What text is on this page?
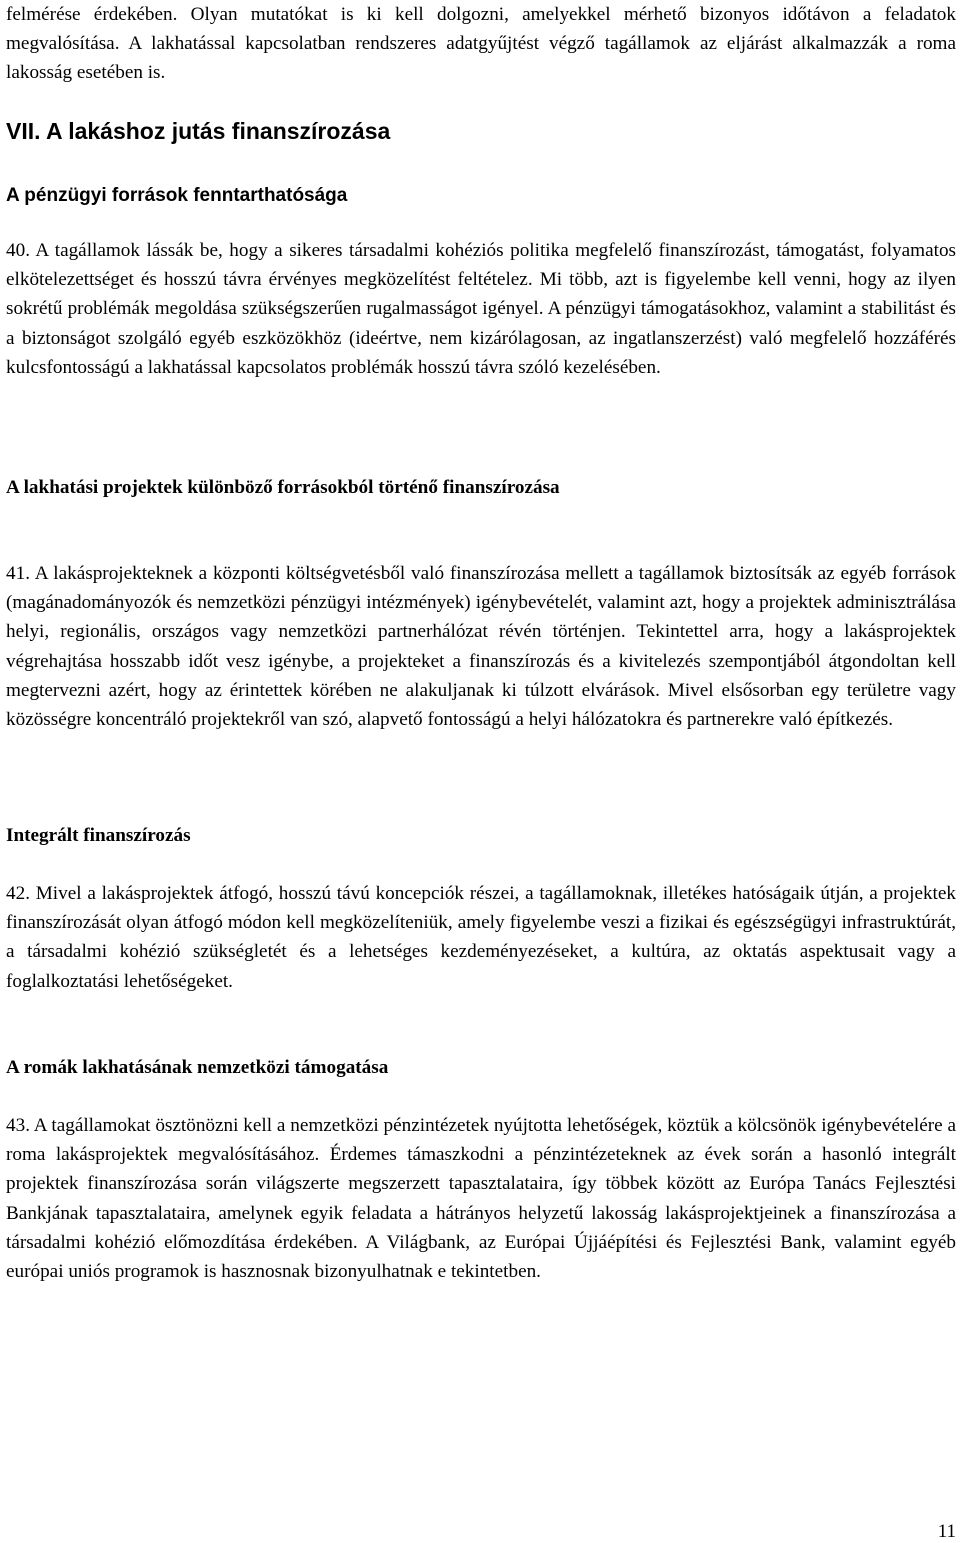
felmérése érdekében. Olyan mutatókat is ki kell dolgozni, amelyekkel mérhető bizonyos időtávon a feladatok megvalósítása. A lakhatással kapcsolatban rendszeres adatgyűjtést végző tagállamok az eljárást alkalmazzák a roma lakosság esetében is.

VII. A lakáshoz jutás finanszírozása
A pénzügyi források fenntarthatósága

40. A tagállamok lássák be, hogy a sikeres társadalmi kohéziós politika megfelelő finanszírozást, támogatást, folyamatos elkötelezettséget és hosszú távra érvényes megközelítést feltételez. Mi több, azt is figyelembe kell venni, hogy az ilyen sokrétű problémák megoldása szükségszerűen rugalmasságot igényel. A pénzügyi támogatásokhoz, valamint a stabilitást és a biztonságot szolgáló egyéb eszközökhöz (ideértve, nem kizárólagosan, az ingatlanszerzést) való megfelelő hozzáférés kulcsfontosságú a lakhatással kapcsolatos problémák hosszú távra szóló kezelésében.

A lakhatási projektek különböző forrásokból történő finanszírozása

41. A lakásprojekteknek a központi költségvetésből való finanszírozása mellett a tagállamok biztosítsák az egyéb források (magánadományozók és nemzetközi pénzügyi intézmények) igénybevételét, valamint azt, hogy a projektek adminisztrálása helyi, regionális, országos vagy nemzetközi partnerhálózat révén történjen. Tekintettel arra, hogy a lakásprojektek végrehajtása hosszabb időt vesz igénybe, a projekteket a finanszírozás és a kivitelezés szempontjából átgondoltan kell megtervezni azért, hogy az érintettek körében ne alakuljanak ki túlzott elvárások. Mivel elsősorban egy területre vagy közösségre koncentráló projektekről van szó, alapvető fontosságú a helyi hálózatokra és partnerekre való építkezés.

Integrált finanszírozás

42. Mivel a lakásprojektek átfogó, hosszú távú koncepciók részei, a tagállamoknak, illetékes hatóságaik útján, a projektek finanszírozását olyan átfogó módon kell megközelíteniük, amely figyelembe veszi a fizikai és egészségügyi infrastruktúrát, a társadalmi kohézió szükségletét és a lehetséges kezdeményezéseket, a kultúra, az oktatás aspektusait vagy a foglalkoztatási lehetőségeket.

A romák lakhatásának nemzetközi támogatása

43. A tagállamokat ösztönözni kell a nemzetközi pénzintézetek nyújtotta lehetőségek, köztük a kölcsönök igénybevételére a roma lakásprojektek megvalósításához. Érdemes támaszkodni a pénzintézeteknek az évek során a hasonló integrált projektek finanszírozása során világszerte megszerzett tapasztalataira, így többek között az Európa Tanács Fejlesztési Bankjának tapasztalataira, amelynek egyik feladata a hátrányos helyzetű lakosság lakásprojektjeinek a finanszírozása a társadalmi kohézió előmozdítása érdekében. A Világbank, az Európai Újjáépítési és Fejlesztési Bank, valamint egyéb európai uniós programok is hasznosnak bizonyulhatnak e tekintetben.

11
